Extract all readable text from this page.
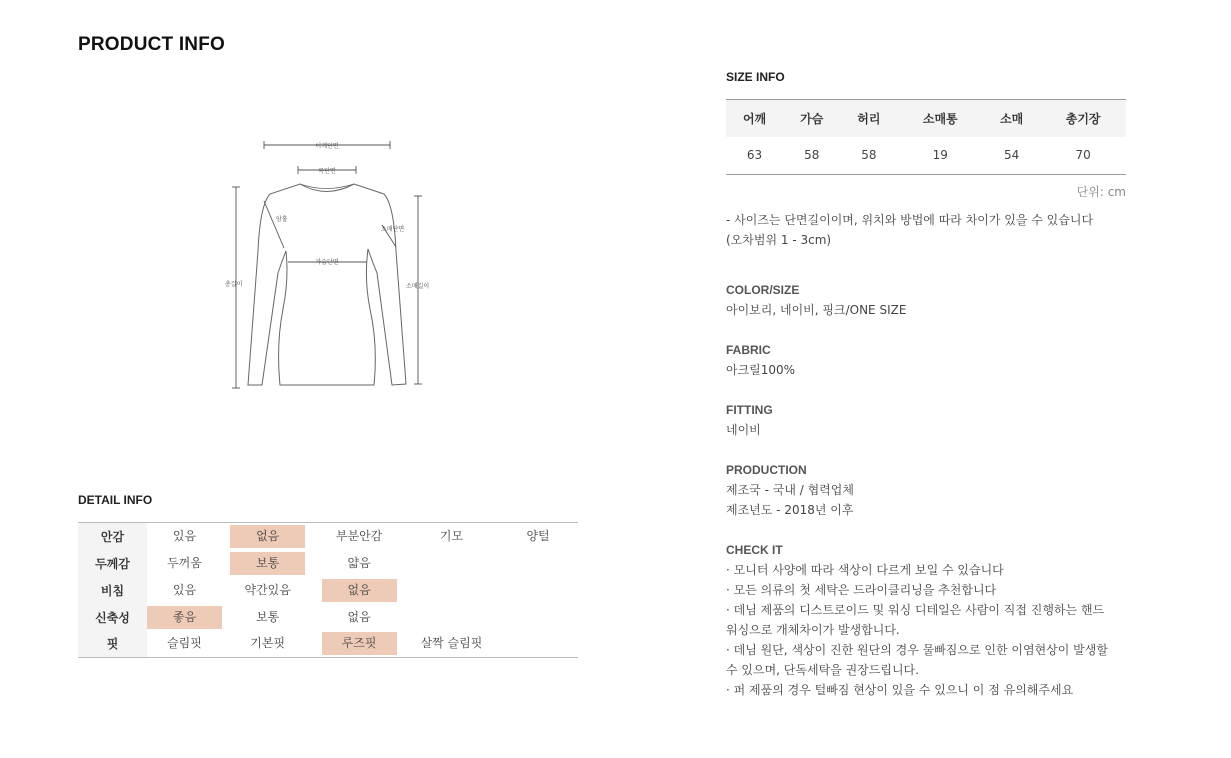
PRODUCT INFO
어깨단면
목단면
암홀
소매단면
가슴단면
총길이	소매길이
DETAIL INFO
안감	있음	없음	부분안감	기모	양털
두께감	두꺼움	보통	얇음		
비침	있음	약간있음	없음		
신축성	좋음	보통	없음		
핏	슬림핏	기본핏	루즈핏	살짝 슬림핏	
SIZE INFO
어깨	가슴	허리	소매통	소매	총기장
63	58	58	19	54	70
단위: cm
- 사이즈는 단면길이이며, 위치와 방법에 따라 차이가 있을 수 있습니다
(오차범위 1 - 3cm)
COLOR/SIZE
아이보리, 네이비, 핑크/ONE SIZE
FABRIC
아크릴100%
FITTING
네이비
PRODUCTION
제조국 - 국내 / 협력업체
제조년도 - 2018년 이후
CHECK IT
· 모니터 사양에 따라 색상이 다르게 보일 수 있습니다
· 모든 의류의 첫 세탁은 드라이클리닝을 추천합니다
· 데님 제품의 디스트로이드 및 워싱 디테일은 사람이 직접 진행하는 핸드
워싱으로 개체차이가 발생합니다.
· 데님 원단, 색상이 진한 원단의 경우 물빠짐으로 인한 이염현상이 발생할
수 있으며, 단독세탁을 권장드립니다.
· 퍼 제품의 경우 털빠짐 현상이 있을 수 있으니 이 점 유의해주세요
